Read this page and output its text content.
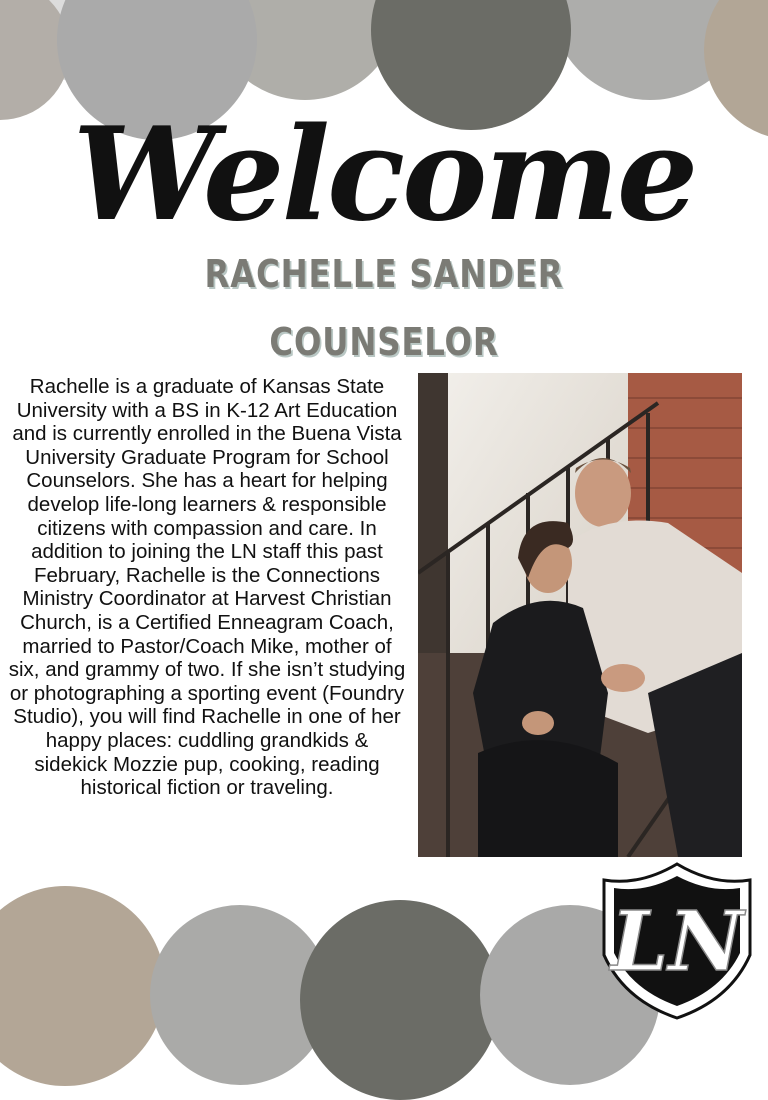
Welcome
RACHELLE SANDER
COUNSELOR
Rachelle is a graduate of Kansas State University with a BS in K-12 Art Education and is currently enrolled in the Buena Vista University Graduate Program for School Counselors. She has a heart for helping develop life-long learners & responsible citizens with compassion and care. In addition to joining the LN staff this past February, Rachelle is the Connections Ministry Coordinator at Harvest Christian Church, is a Certified Enneagram Coach, married to Pastor/Coach Mike, mother of six, and grammy of two. If she isn’t studying or photographing a sporting event (Foundry Studio), you will find Rachelle in one of her happy places: cuddling grandkids & sidekick Mozzie pup, cooking, reading historical fiction or traveling.
LN
